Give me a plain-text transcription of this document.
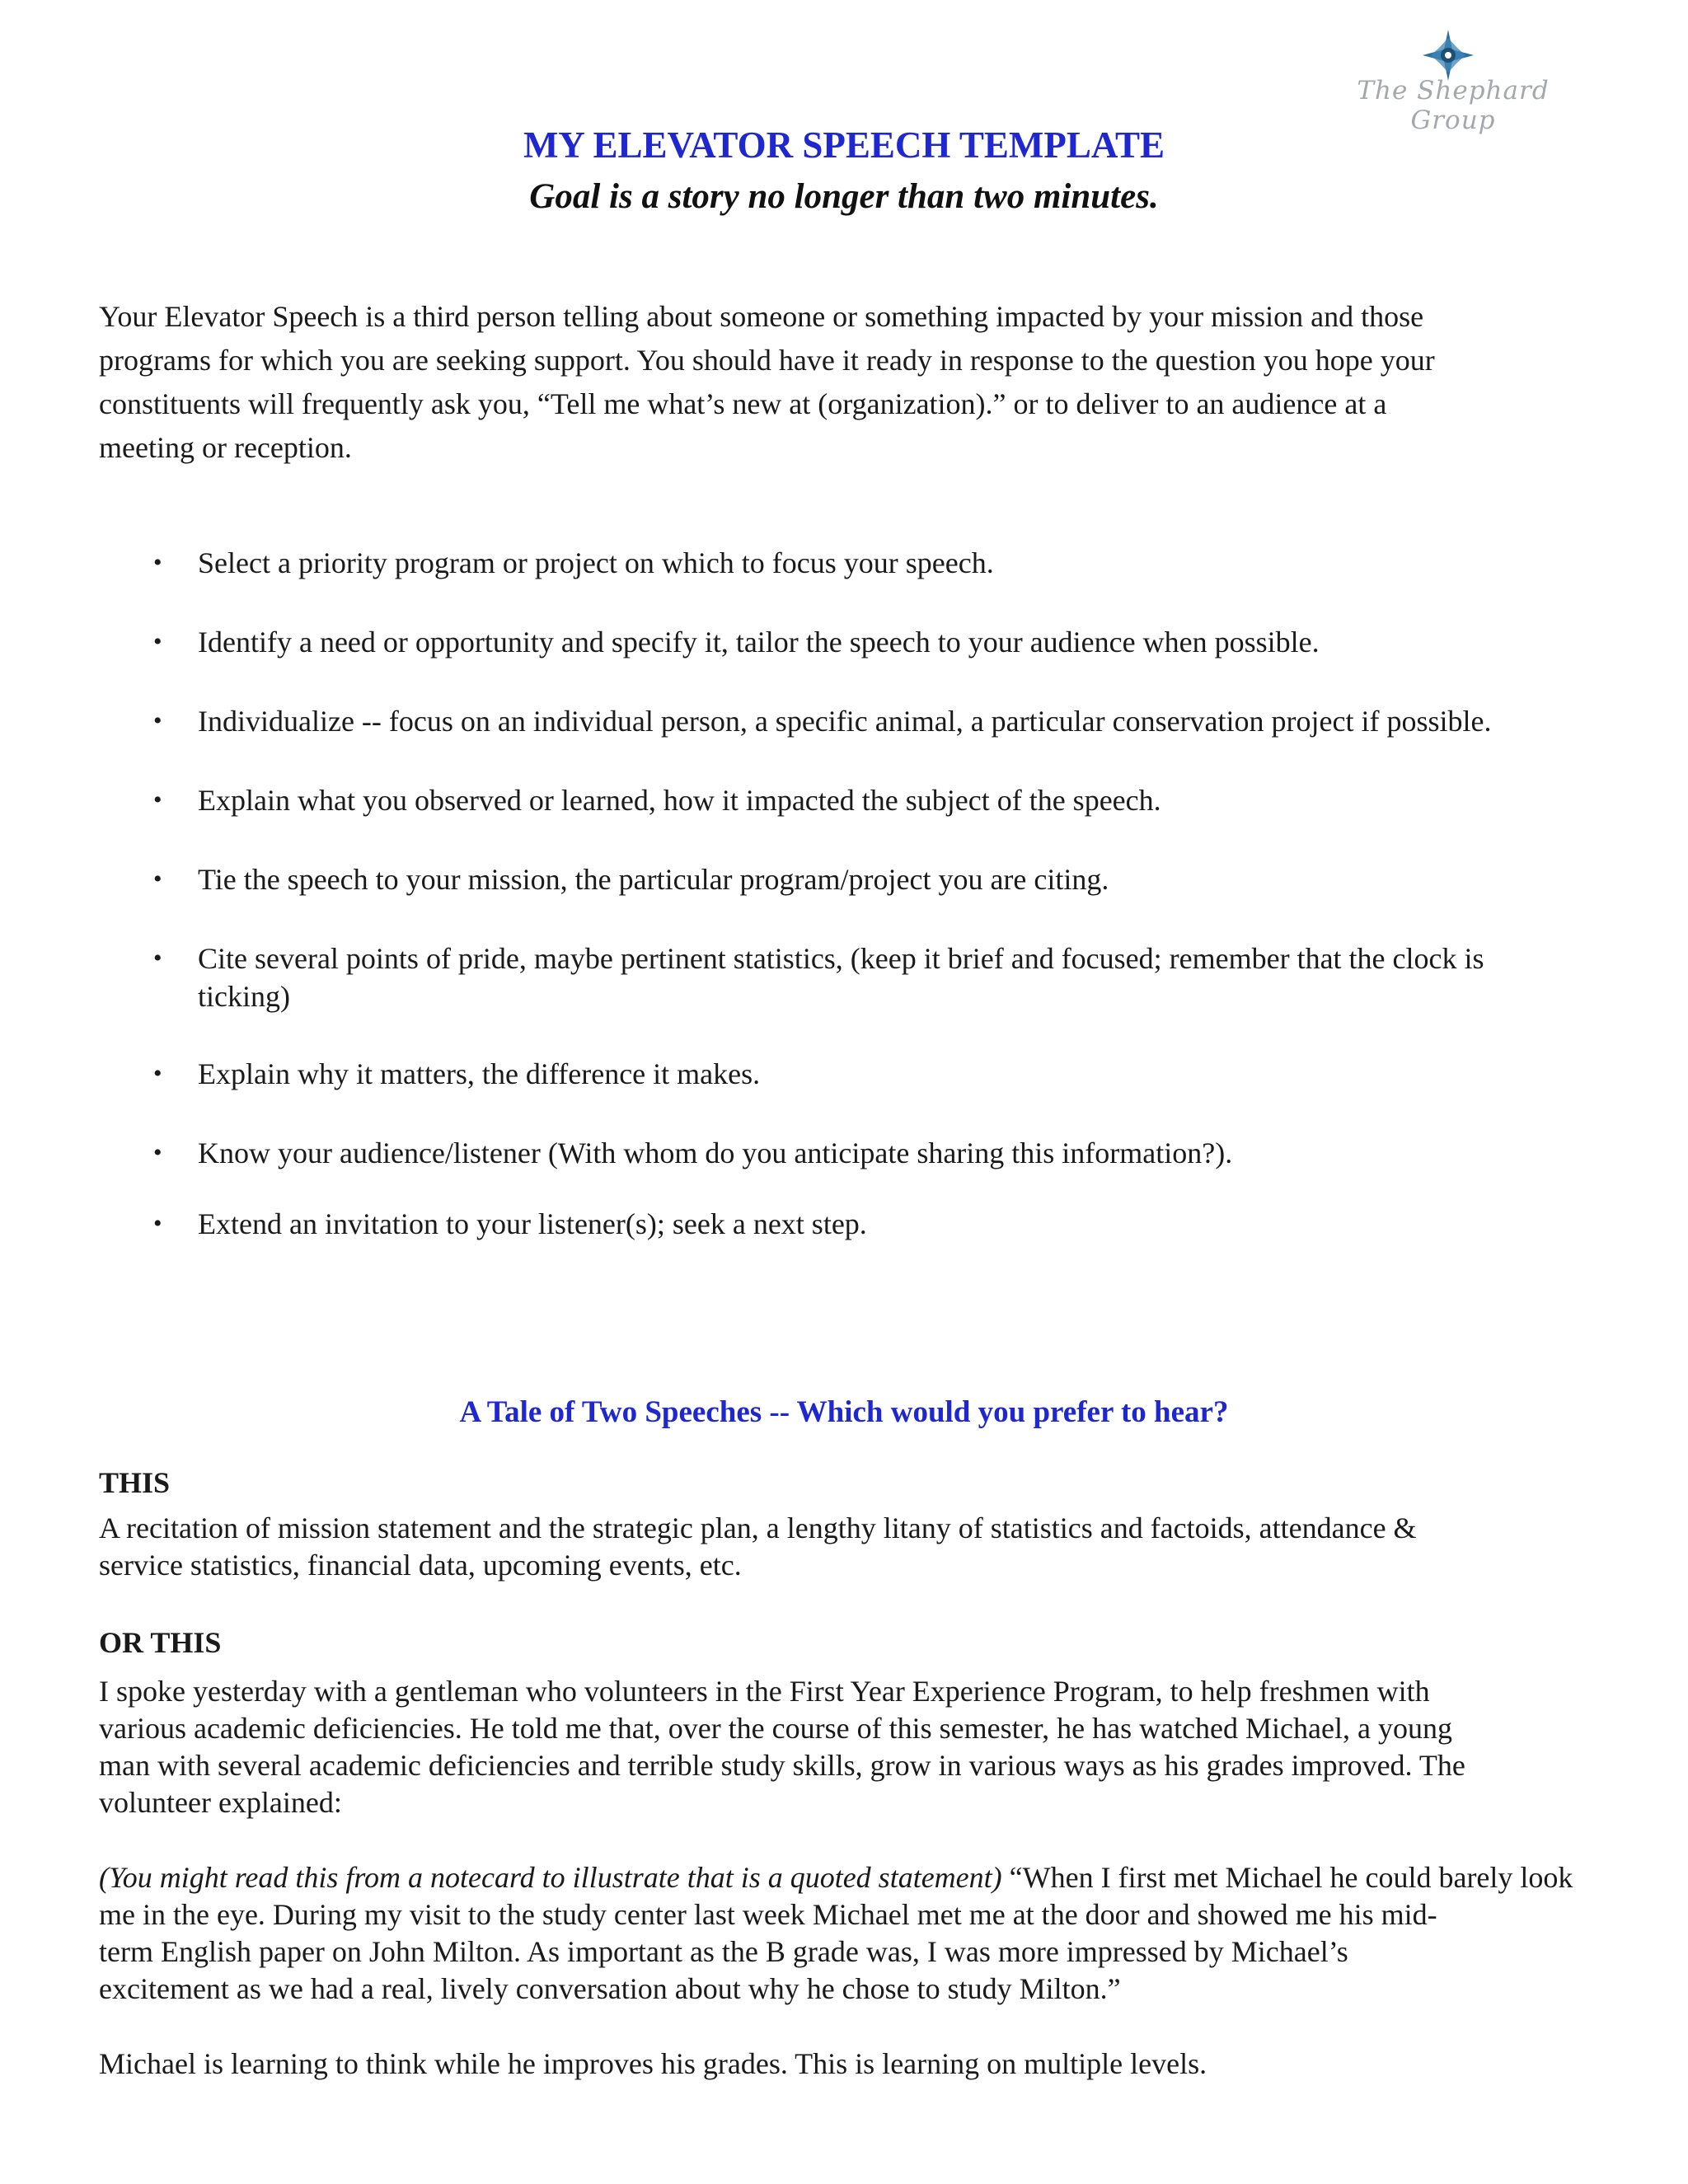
The Shephard Group
MY ELEVATOR SPEECH TEMPLATE
Goal is a story no longer than two minutes.

Your Elevator Speech is a third person telling about someone or something impacted by your mission and those
programs for which you are seeking support. You should have it ready in response to the question you hope your
constituents will frequently ask you, “Tell me what’s new at (organization).” or to deliver to an audience at a
meeting or reception.

• Select a priority program or project on which to focus your speech.
• Identify a need or opportunity and specify it, tailor the speech to your audience when possible.
• Individualize -- focus on an individual person, a specific animal, a particular conservation project if possible.
• Explain what you observed or learned, how it impacted the subject of the speech.
• Tie the speech to your mission, the particular program/project you are citing.
• Cite several points of pride, maybe pertinent statistics, (keep it brief and focused; remember that the clock is
ticking)
• Explain why it matters, the difference it makes.
• Know your audience/listener (With whom do you anticipate sharing this information?).
• Extend an invitation to your listener(s); seek a next step.
A Tale of Two Speeches -- Which would you prefer to hear?
THIS

A recitation of mission statement and the strategic plan, a lengthy litany of statistics and factoids, attendance &
service statistics, financial data, upcoming events, etc.

OR THIS

I spoke yesterday with a gentleman who volunteers in the First Year Experience Program, to help freshmen with
various academic deficiencies. He told me that, over the course of this semester, he has watched Michael, a young
man with several academic deficiencies and terrible study skills, grow in various ways as his grades improved. The
volunteer explained:

(You might read this from a notecard to illustrate that is a quoted statement) “When I first met Michael he could barely look
me in the eye. During my visit to the study center last week Michael met me at the door and showed me his mid-
term English paper on John Milton. As important as the B grade was, I was more impressed by Michael’s
excitement as we had a real, lively conversation about why he chose to study Milton.”

Michael is learning to think while he improves his grades. This is learning on multiple levels.
